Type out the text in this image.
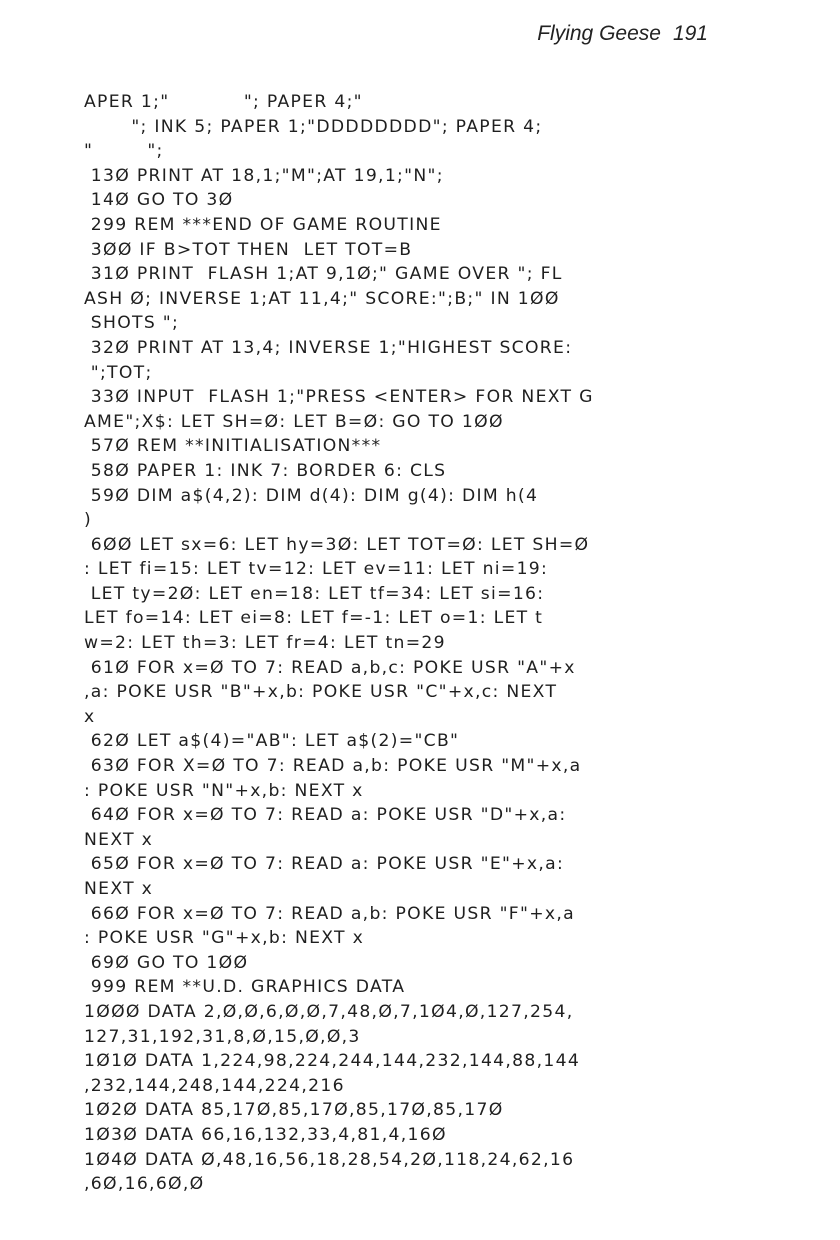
Flying Geese 191
APER 1;"           "; PAPER 4;"
"; INK 5; PAPER 1;"DDDDDDDD"; PAPER 4;
"        ";
13Ø PRINT AT 18,1;"M";AT 19,1;"N";
14Ø GO TO 3Ø
299 REM ***END OF GAME ROUTINE
3ØØ IF B>TOT THEN  LET TOT=B
31Ø PRINT  FLASH 1;AT 9,1Ø;" GAME OVER "; FL
ASH Ø; INVERSE 1;AT 11,4;" SCORE:";B;" IN 1ØØ
SHOTS ";
32Ø PRINT AT 13,4; INVERSE 1;"HIGHEST SCORE:
";TOT;
33Ø INPUT  FLASH 1;"PRESS <ENTER> FOR NEXT G
AME";X$: LET SH=Ø: LET B=Ø: GO TO 1ØØ
57Ø REM **INITIALISATION***
58Ø PAPER 1: INK 7: BORDER 6: CLS
59Ø DIM a$(4,2): DIM d(4): DIM g(4): DIM h(4
)
6ØØ LET sx=6: LET hy=3Ø: LET TOT=Ø: LET SH=Ø
: LET fi=15: LET tv=12: LET ev=11: LET ni=19:
LET ty=2Ø: LET en=18: LET tf=34: LET si=16:
LET fo=14: LET ei=8: LET f=-1: LET o=1: LET t
w=2: LET th=3: LET fr=4: LET tn=29
61Ø FOR x=Ø TO 7: READ a,b,c: POKE USR "A"+x
,a: POKE USR "B"+x,b: POKE USR "C"+x,c: NEXT
x
62Ø LET a$(4)="AB": LET a$(2)="CB"
63Ø FOR X=Ø TO 7: READ a,b: POKE USR "M"+x,a
: POKE USR "N"+x,b: NEXT x
64Ø FOR x=Ø TO 7: READ a: POKE USR "D"+x,a:
NEXT x
65Ø FOR x=Ø TO 7: READ a: POKE USR "E"+x,a:
NEXT x
66Ø FOR x=Ø TO 7: READ a,b: POKE USR "F"+x,a
: POKE USR "G"+x,b: NEXT x
69Ø GO TO 1ØØ
999 REM **U.D. GRAPHICS DATA
1ØØØ DATA 2,Ø,Ø,6,Ø,Ø,7,48,Ø,7,1Ø4,Ø,127,254,
127,31,192,31,8,Ø,15,Ø,Ø,3
1Ø1Ø DATA 1,224,98,224,244,144,232,144,88,144
,232,144,248,144,224,216
1Ø2Ø DATA 85,17Ø,85,17Ø,85,17Ø,85,17Ø
1Ø3Ø DATA 66,16,132,33,4,81,4,16Ø
1Ø4Ø DATA Ø,48,16,56,18,28,54,2Ø,118,24,62,16
,6Ø,16,6Ø,Ø
